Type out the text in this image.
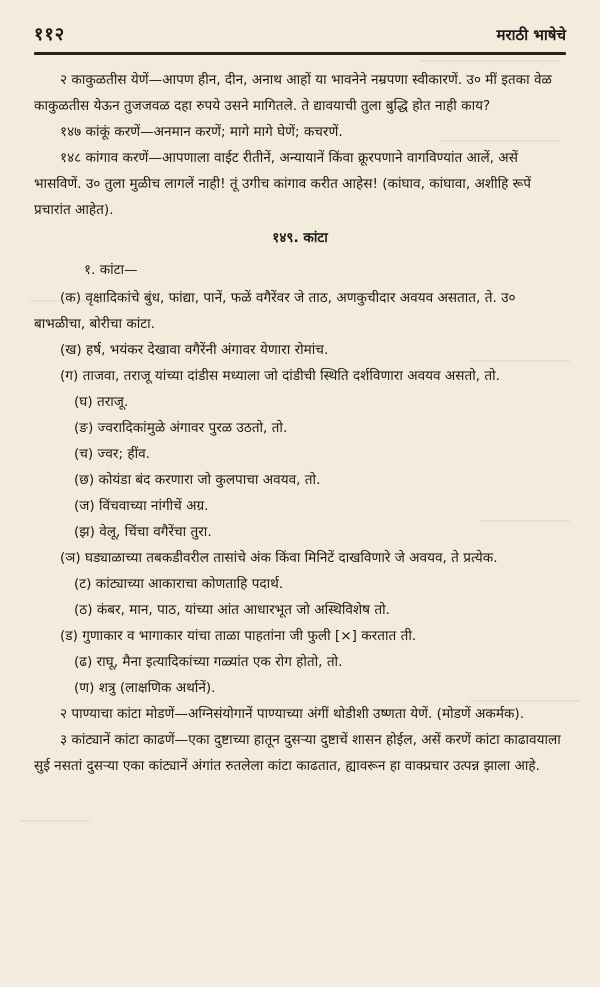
११२	मराठी भाषेचे

२ काकुळतीस येणें—आपण हीन, दीन, अनाथ आहों या भावनेने नम्रपणा स्वीकारणें. उ० मीं इतका वेळ काकुळतीस येऊन तुजजवळ दहा रुपये उसने मागितले. ते द्यावयाची तुला बुद्धि होत नाही काय?

१४७ कांकूं करणें—अनमान करणें; मागे मागे घेणें; कचरणें.

१४८ कांगाव करणें—आपणाला वाईट रीतीनें, अन्यायानें किंवा क्रूरपणाने वागविण्यांत आलें, असें भासविणें. उ० तुला मुळीच लागलें नाही! तूं उगीच कांगाव करीत आहेस! (कांघाव, कांघावा, अशीहि रूपें प्रचारांत आहेत).

१४९. कांटा

१. कांटा—

(क) वृक्षादिकांचे बुंध, फांद्या, पानें, फळें वगैरेंवर जे ताठ, अणकुचीदार अवयव असतात, ते. उ० बाभळीचा, बोरीचा कांटा.

(ख) हर्ष, भयंकर देखावा वगैरेंनी अंगावर येणारा रोमांच.

(ग) ताजवा, तराजू यांच्या दांडीस मध्याला जो दांडीची स्थिति दर्शविणारा अवयव असतो, तो.

(घ) तराजू.

(ङ) ज्वरादिकांमुळे अंगावर पुरळ उठतो, तो.

(च) ज्वर; हींव.

(छ) कोयंडा बंद करणारा जो कुलपाचा अवयव, तो.

(ज) विंचवाच्या नांगीचें अग्र.

(झ) वेलू, चिंचा वगैरेंचा तुरा.

(ञ) घड्याळाच्या तबकडीवरील तासांचे अंक किंवा मिनिटें दाखविणारे जे अवयव, ते प्रत्येक.

(ट) कांट्याच्या आकाराचा कोणताहि पदार्थ.

(ठ) कंबर, मान, पाठ, यांच्या आंत आधारभूत जो अस्थिविशेष तो.

(ड) गुणाकार व भागाकार यांचा ताळा पाहतांना जी फुली [×] करतात ती.

(ढ) राघू, मैना इत्यादिकांच्या गळ्यांत एक रोग होतो, तो.

(ण) शत्रु (लाक्षणिक अर्थानें).

२ पाण्याचा कांटा मोडणें—अग्निसंयोगानें पाण्याच्या अंगीं थोडीशी उष्णता येणें. (मोडणें अकर्मक).

३ कांट्यानें कांटा काढणें—एका दुष्टाच्या हातून दुसऱ्या दुष्टाचें शासन होईल, असें करणें कांटा काढावयाला सुई नसतां दुसऱ्या एका कांट्यानें अंगांत रुतलेला कांटा काढतात, ह्यावरून हा वाक्प्रचार उत्पन्न झाला आहे.
